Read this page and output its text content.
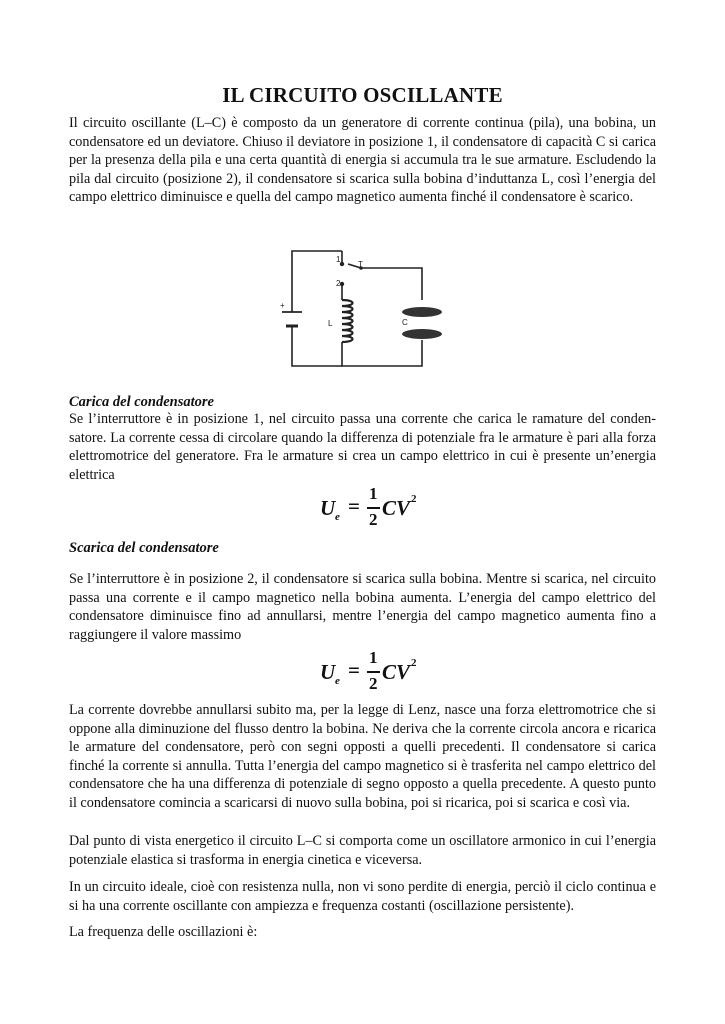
IL CIRCUITO OSCILLANTE

Il circuito oscillante (L–C) è composto da un generatore di corrente continua (pila), una bobina, un condensatore ed un deviatore. Chiuso il deviatore in posizione 1, il condensatore di capacità C si carica per la presenza della pila e una certa quantità di energia si accumula tra le sue armature. Escludendo la pila dal circuito (posizione 2), il condensatore si scarica sulla bobina d’induttanza L, così l’energia del campo elettrico diminuisce e quella del campo magnetico aumenta finché il condensatore è scarico.

1
2
T
L	C
+

Carica del condensatore

Se l’interruttore è in posizione 1, nel circuito passa una corrente che carica le ramature del condensatore. La corrente cessa di circolare quando la differenza di potenziale fra le armature è pari alla forza elettromotrice del generatore. Fra le armature si crea un campo elettrico in cui è presente un’energia elettrica

U e =
1
2 CV 2

Scarica del condensatore

Se l’interruttore è in posizione 2, il condensatore si scarica sulla bobina. Mentre si scarica, nel circuito passa una corrente e il campo magnetico nella bobina aumenta. L’energia del campo elettrico del condensatore diminuisce fino ad annullarsi, mentre l’energia del campo magnetico aumenta fino a raggiungere il valore massimo

U e =
1
2 CV 2

La corrente dovrebbe annullarsi subito ma, per la legge di Lenz, nasce una forza elettromotrice che si oppone alla diminuzione del flusso dentro la bobina. Ne deriva che la corrente circola ancora e ricarica le armature del condensatore, però con segni opposti a quelli precedenti. Il condensatore si carica finché la corrente si annulla. Tutta l’energia del campo magnetico si è trasferita nel campo elettrico del condensatore che ha una differenza di potenziale di segno opposto a quella precedente. A questo punto il condensatore comincia a scaricarsi di nuovo sulla bobina, poi si ricarica, poi si scarica e così via.

Dal punto di vista energetico il circuito L–C si comporta come un oscillatore armonico in cui l’energia potenziale elastica si trasforma in energia cinetica e viceversa.

In un circuito ideale, cioè con resistenza nulla, non vi sono perdite di energia, perciò il ciclo continua e si ha una corrente oscillante con ampiezza e frequenza costanti (oscillazione persistente).

La frequenza delle oscillazioni è:
